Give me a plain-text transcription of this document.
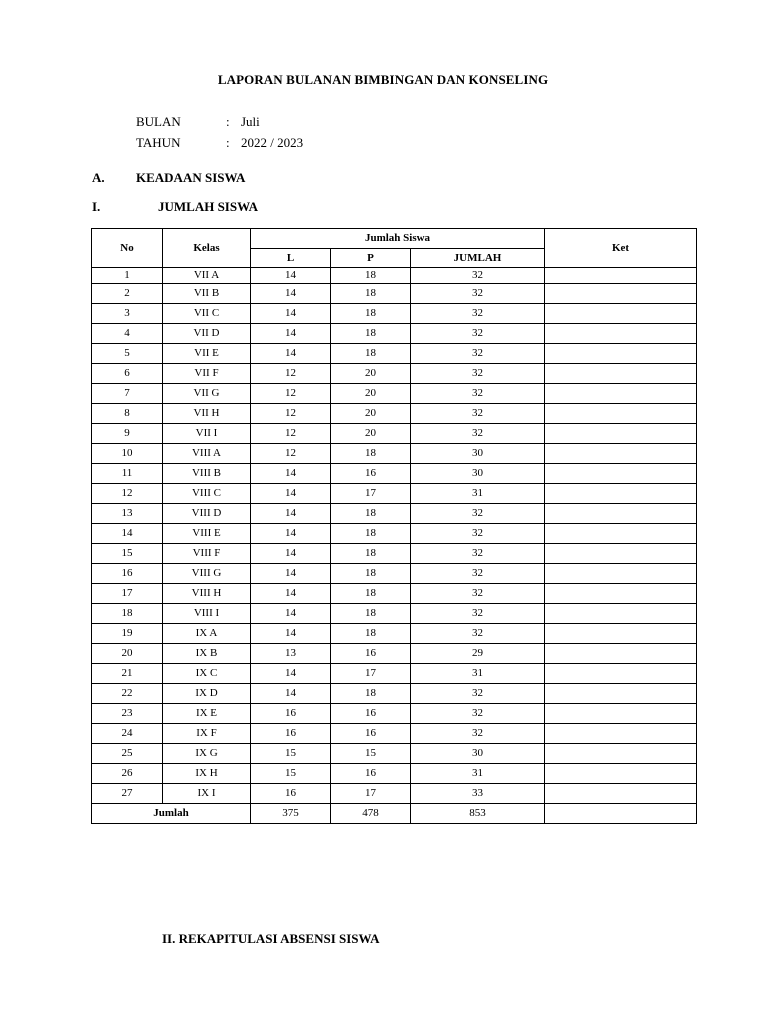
LAPORAN BULANAN BIMBINGAN DAN KONSELING
BULAN	: Juli
TAHUN	: 2022 / 2023
A. KEADAAN SISWA
I.	JUMLAH SISWA
No	Kelas	Jumlah Siswa			Ket
		L	P	JUMLAH	
1	VII A	14	18	32	
2	VII B	14	18	32	
3	VII C	14	18	32	
4	VII D	14	18	32	
5	VII E	14	18	32	
6	VII F	12	20	32	
7	VII G	12	20	32	
8	VII H	12	20	32	
9	VII I	12	20	32	
10	VIII A	12	18	30	
11	VIII B	14	16	30	
12	VIII C	14	17	31	
13	VIII D	14	18	32	
14	VIII E	14	18	32	
15	VIII F	14	18	32	
16	VIII G	14	18	32	
17	VIII H	14	18	32	
18	VIII I	14	18	32	
19	IX A	14	18	32	
20	IX B	13	16	29	
21	IX C	14	17	31	
22	IX D	14	18	32	
23	IX E	16	16	32	
24	IX F	16	16	32	
25	IX G	15	15	30	
26	IX H	15	16	31	
27	IX I	16	17	33	
Jumlah		375	478	853	
II. REKAPITULASI ABSENSI SISWA
